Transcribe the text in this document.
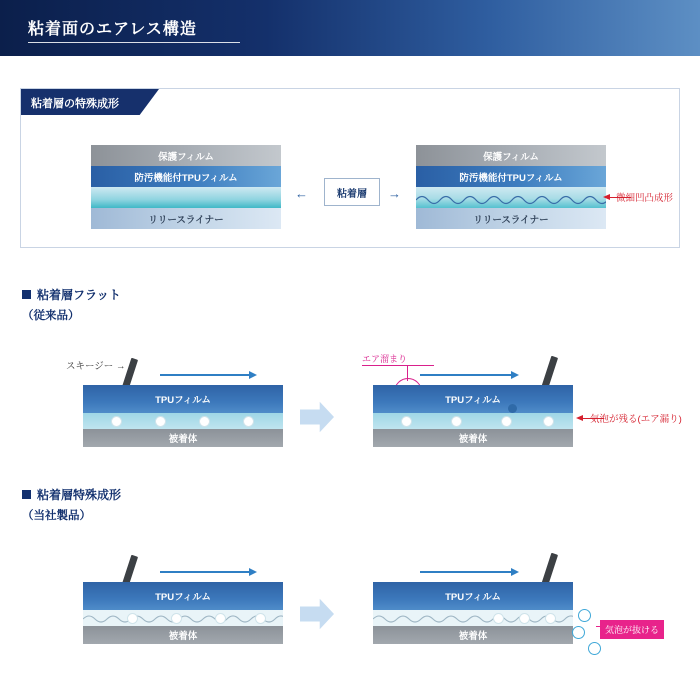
粘着面のエアレス構造
粘着層の特殊成形
保護フィルム
防汚機能付TPUフィルム
リリースライナー
←	粘着層	→
保護フィルム
防汚機能付TPUフィルム
リリースライナー
微細凹凸成形
粘着層フラット
（従来品）
スキージー →
TPUフィルム
被着体
エア溜まり
TPUフィルム
被着体
気泡が残る(エア漏り)
粘着層特殊成形
（当社製品）
TPUフィルム
被着体
TPUフィルム
被着体
気泡が抜ける
